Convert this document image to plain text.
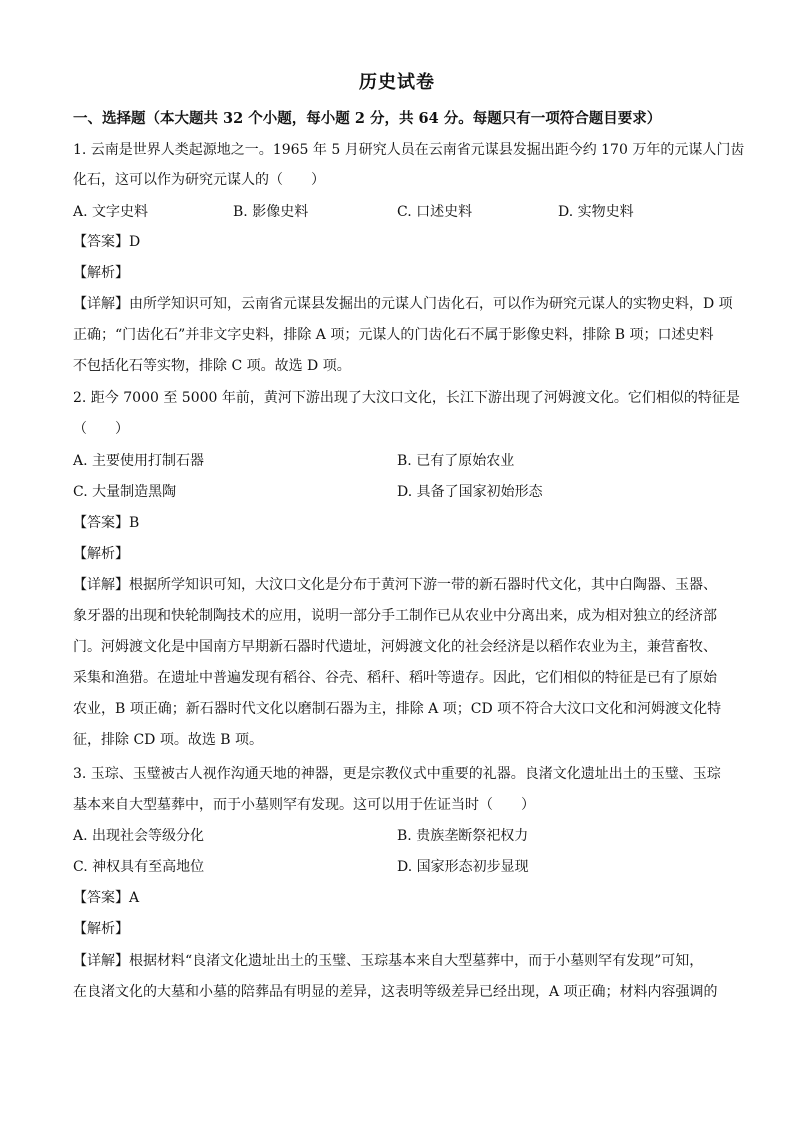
历史试卷
一、选择题（本大题共 32 个小题，每小题 2 分，共 64 分。每题只有一项符合题目要求）
1. 云南是世界人类起源地之一。1965 年 5 月研究人员在云南省元谋县发掘出距今约 170 万年的元谋人门齿
化石，这可以作为研究元谋人的（　　）
A. 文字史料	B. 影像史料	C. 口述史料	D. 实物史料
【答案】D
【解析】
【详解】由所学知识可知，云南省元谋县发掘出的元谋人门齿化石，可以作为研究元谋人的实物史料，D 项
正确；“门齿化石”并非文字史料，排除 A 项；元谋人的门齿化石不属于影像史料，排除 B 项；口述史料
不包括化石等实物，排除 C 项。故选 D 项。
2. 距今 7000 至 5000 年前，黄河下游出现了大汶口文化，长江下游出现了河姆渡文化。它们相似的特征是
（　　）
A. 主要使用打制石器	B. 已有了原始农业
C. 大量制造黑陶	D. 具备了国家初始形态
【答案】B
【解析】
【详解】根据所学知识可知，大汶口文化是分布于黄河下游一带的新石器时代文化，其中白陶器、玉器、
象牙器的出现和快轮制陶技术的应用，说明一部分手工制作已从农业中分离出来，成为相对独立的经济部
门。河姆渡文化是中国南方早期新石器时代遗址，河姆渡文化的社会经济是以稻作农业为主，兼营畜牧、
采集和渔猎。在遗址中普遍发现有稻谷、谷壳、稻秆、稻叶等遗存。因此，它们相似的特征是已有了原始
农业，B 项正确；新石器时代文化以磨制石器为主，排除 A 项；CD 项不符合大汶口文化和河姆渡文化特
征，排除 CD 项。故选 B 项。
3. 玉琮、玉璧被古人视作沟通天地的神器，更是宗教仪式中重要的礼器。良渚文化遗址出土的玉璧、玉琮
基本来自大型墓葬中，而于小墓则罕有发现。这可以用于佐证当时（　　）
A. 出现社会等级分化	B. 贵族垄断祭祀权力
C. 神权具有至高地位	D. 国家形态初步显现
【答案】A
【解析】
【详解】根据材料“良渚文化遗址出土的玉璧、玉琮基本来自大型墓葬中，而于小墓则罕有发现”可知，
在良渚文化的大墓和小墓的陪葬品有明显的差异，这表明等级差异已经出现，A 项正确；材料内容强调的
